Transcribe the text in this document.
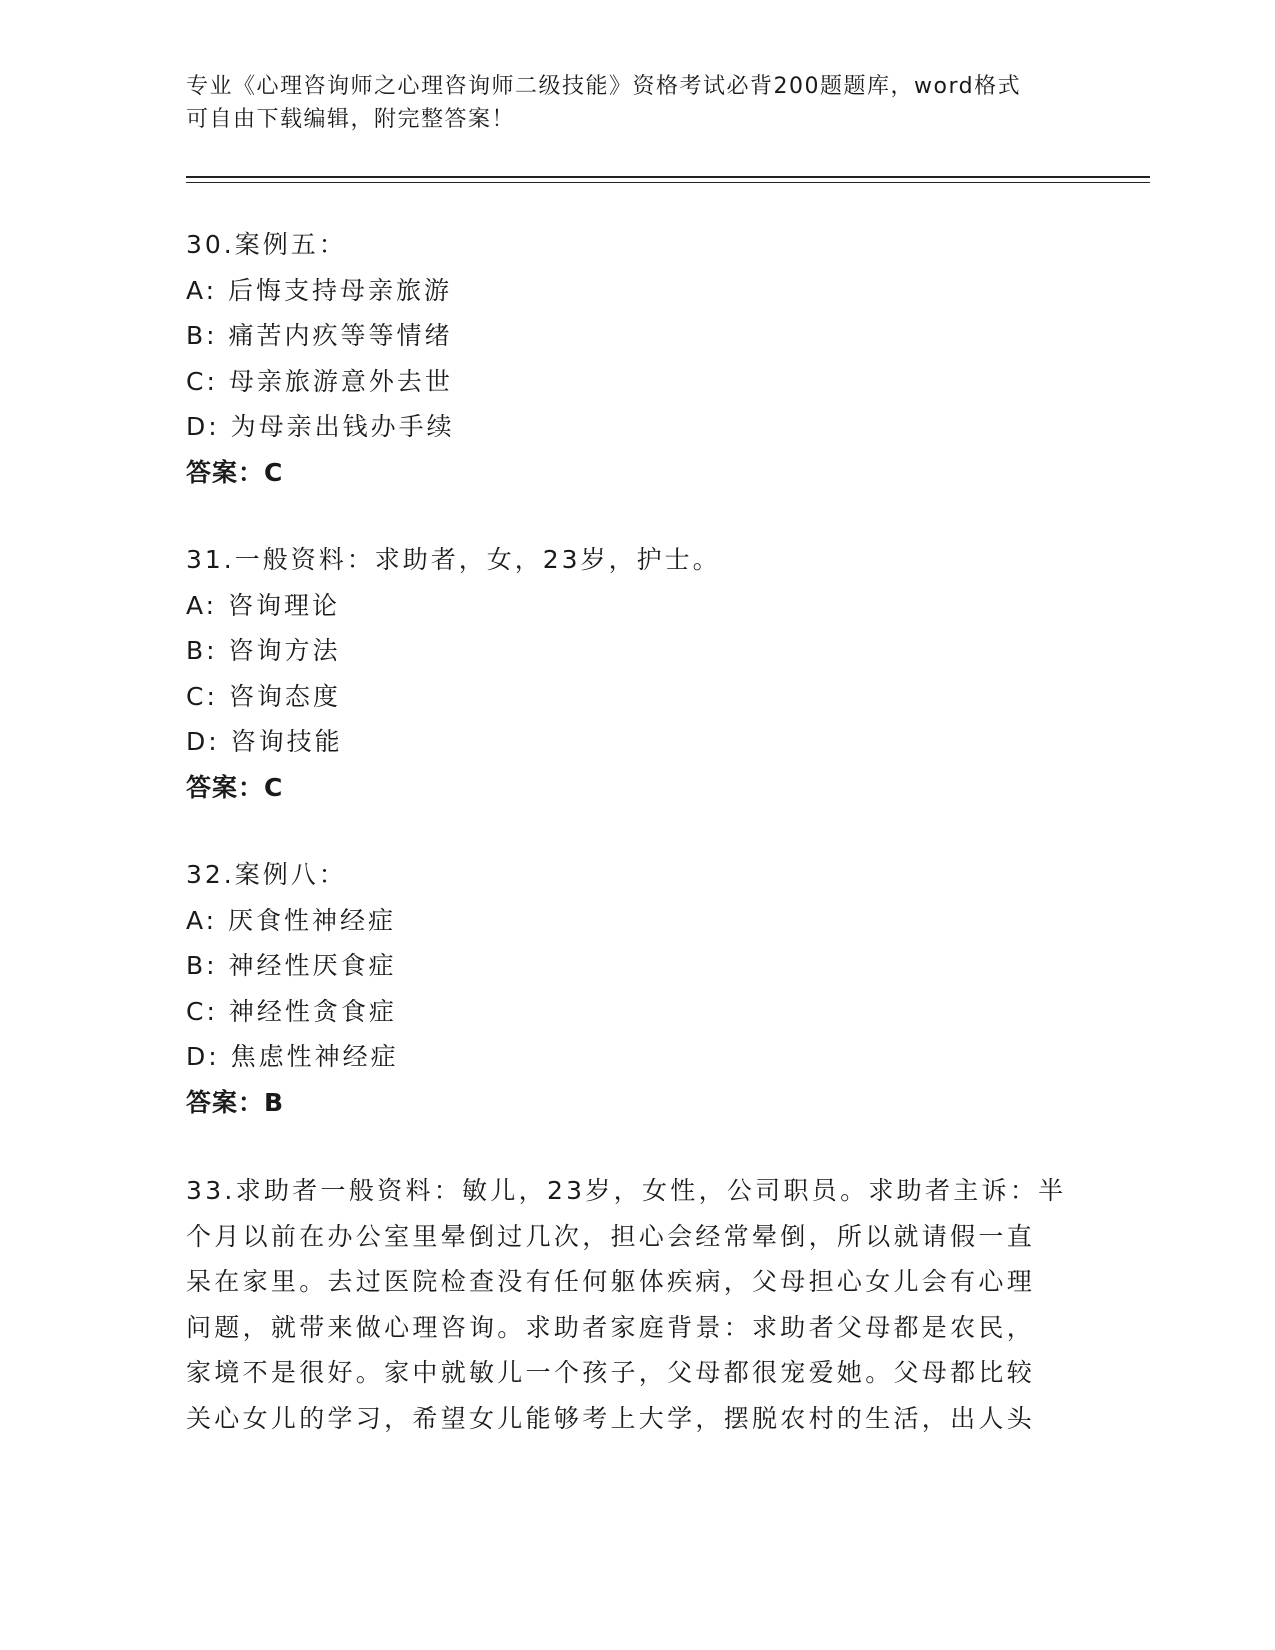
专业《心理咨询师之心理咨询师二级技能》资格考试必背200题题库，word格式
可自由下载编辑，附完整答案！
30.案例五：
A: 后悔支持母亲旅游
B: 痛苦内疚等等情绪
C: 母亲旅游意外去世
D: 为母亲出钱办手续
答案：C
31.一般资料：求助者，女，23岁，护士。
A: 咨询理论
B: 咨询方法
C: 咨询态度
D: 咨询技能
答案：C
32.案例八：
A: 厌食性神经症
B: 神经性厌食症
C: 神经性贪食症
D: 焦虑性神经症
答案：B
33.求助者一般资料：敏儿，23岁，女性，公司职员。求助者主诉：半
个月以前在办公室里晕倒过几次，担心会经常晕倒，所以就请假一直
呆在家里。去过医院检查没有任何躯体疾病，父母担心女儿会有心理
问题，就带来做心理咨询。求助者家庭背景：求助者父母都是农民，
家境不是很好。家中就敏儿一个孩子，父母都很宠爱她。父母都比较
关心女儿的学习，希望女儿能够考上大学，摆脱农村的生活，出人头
